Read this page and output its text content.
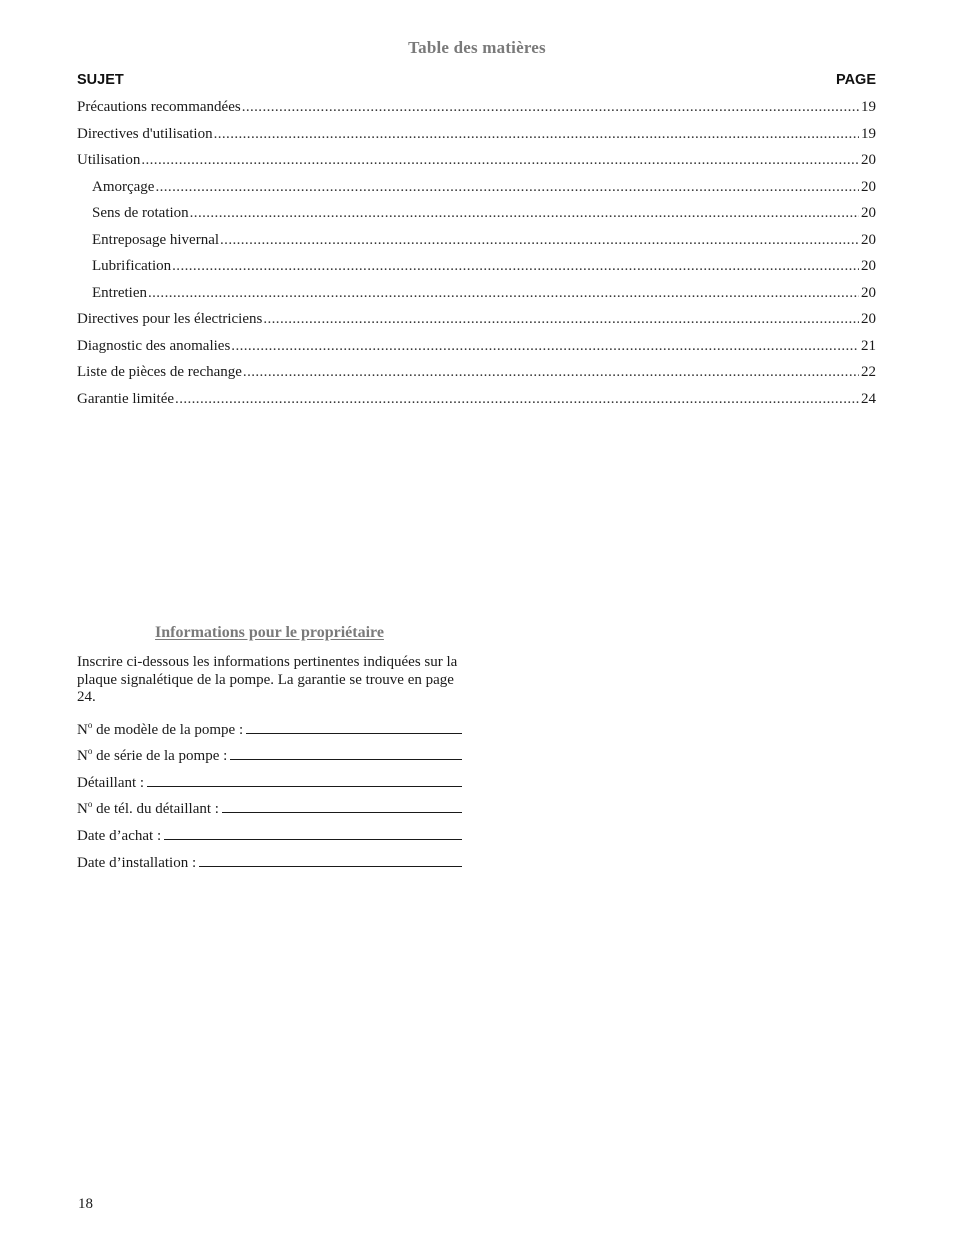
Table des matières
SUJET	PAGE
Précautions recommandées .....	19
Directives d'utilisation .....	19
Utilisation .....	20
Amorçage .....	20
Sens de rotation .....	20
Entreposage hivernal .....	20
Lubrification .....	20
Entretien .....	20
Directives pour les électriciens .....	20
Diagnostic des anomalies .....	21
Liste de pièces de rechange .....	22
Garantie limitée .....	24
Informations pour le propriétaire

Inscrire ci-dessous les informations pertinentes indiquées sur la plaque signalétique de la pompe. La garantie se trouve en page 24.

$N^o$ de modèle de la pompe :
$N^o$ de série de la pompe :
Détaillant :
$N^o$ de tél. du détaillant :
Date d’achat :
Date d’installation :
18
